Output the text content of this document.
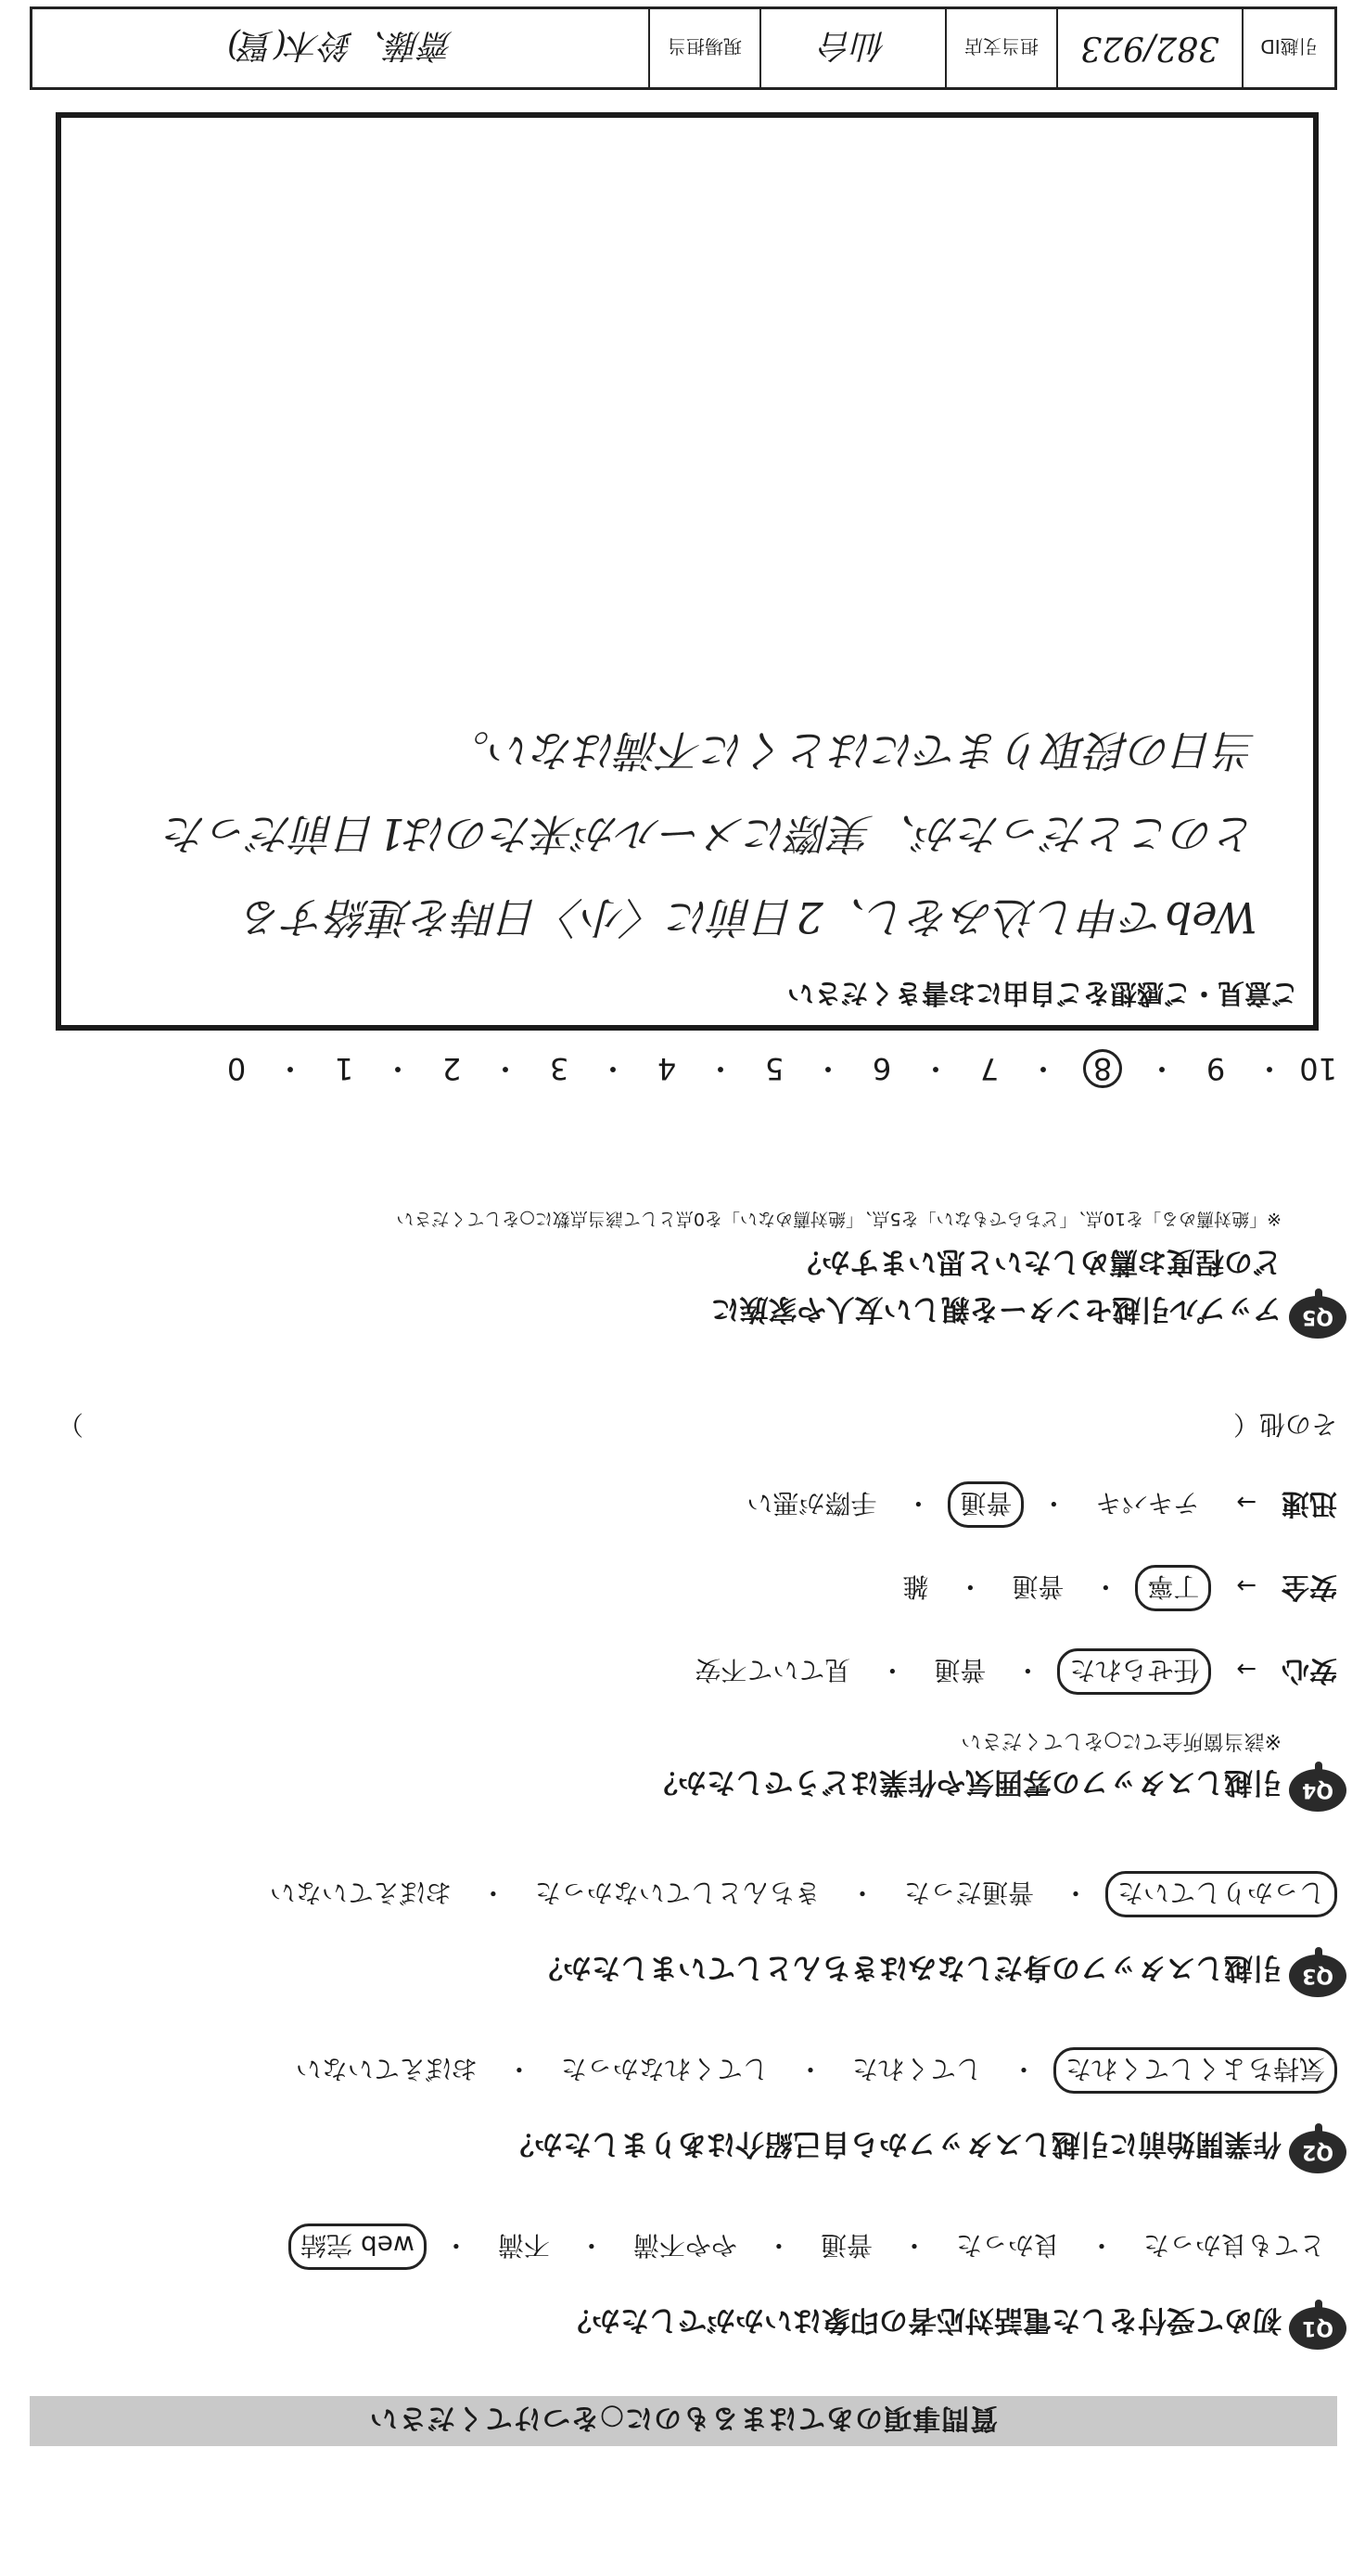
質問事項のあてはまるものに○をつけてください
Q1
初めて受付をした電話対応者の印象はいかがでしたか？
とても良かった・良かった・普通・やや不満・不満・web 完結
Q2
作業開始前に引越しスタッフから自己紹介はありましたか？
気持ちよくしてくれた・してくれた・してくれなかった・おぼえていない
Q3
引越しスタッフの身だしなみはきちんとしていましたか？
しっかりしていた・普通だった・きちんとしていなかった・おぼえていない
Q4
引越しスタッフの雰囲気や作業はどうでしたか？
※該当箇所全てに○をしてください
安心 → 任せられた・普通・見ていて不安
安全 → 丁寧・普通・雑
迅速 → テキパキ・普通・手際が悪い
その他（
）
Q5
アップル引越センターを親しい友人や家族に
どの程度お薦めしたいと思いますか？
※「絶対薦める」を10点、「どちらでもない」を5点、「絶対薦めない」を0点として該当点数に○をしてください
10・9・8・7・6・5・4・3・2・1・0
ご意見・ご感想をご自由にお書きください
Webで申し込みをし、2日前に〈小〉日時を連絡する
とのことだったが、実際にメールが来たのは1日前だった
当日の段取りまでにはとくに不満はない。
引越ID
382/923
担当支店
仙台
現場担当
齋藤、鈴木(賢)
